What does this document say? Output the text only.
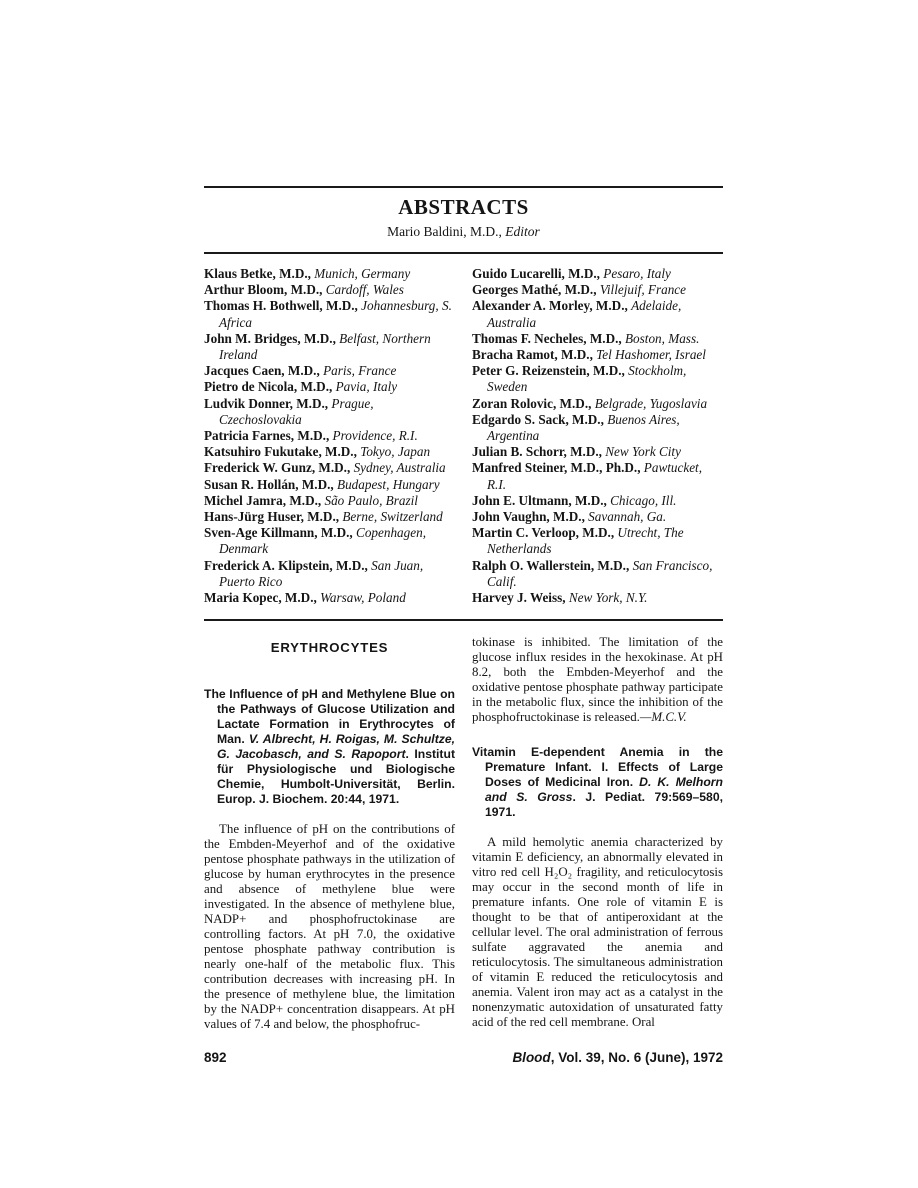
ABSTRACTS
Mario Baldini, M.D., Editor
Klaus Betke, M.D., Munich, Germany
Arthur Bloom, M.D., Cardoff, Wales
Thomas H. Bothwell, M.D., Johannesburg, S. Africa
John M. Bridges, M.D., Belfast, Northern Ireland
Jacques Caen, M.D., Paris, France
Pietro de Nicola, M.D., Pavia, Italy
Ludvik Donner, M.D., Prague, Czechoslovakia
Patricia Farnes, M.D., Providence, R.I.
Katsuhiro Fukutake, M.D., Tokyo, Japan
Frederick W. Gunz, M.D., Sydney, Australia
Susan R. Hollán, M.D., Budapest, Hungary
Michel Jamra, M.D., São Paulo, Brazil
Hans-Jürg Huser, M.D., Berne, Switzerland
Sven-Age Killmann, M.D., Copenhagen, Denmark
Frederick A. Klipstein, M.D., San Juan, Puerto Rico
Maria Kopec, M.D., Warsaw, Poland
Guido Lucarelli, M.D., Pesaro, Italy
Georges Mathé, M.D., Villejuif, France
Alexander A. Morley, M.D., Adelaide, Australia
Thomas F. Necheles, M.D., Boston, Mass.
Bracha Ramot, M.D., Tel Hashomer, Israel
Peter G. Reizenstein, M.D., Stockholm, Sweden
Zoran Rolovic, M.D., Belgrade, Yugoslavia
Edgardo S. Sack, M.D., Buenos Aires, Argentina
Julian B. Schorr, M.D., New York City
Manfred Steiner, M.D., Ph.D., Pawtucket, R.I.
John E. Ultmann, M.D., Chicago, Ill.
John Vaughn, M.D., Savannah, Ga.
Martin C. Verloop, M.D., Utrecht, The Netherlands
Ralph O. Wallerstein, M.D., San Francisco, Calif.
Harvey J. Weiss, New York, N.Y.
ERYTHROCYTES
The Influence of pH and Methylene Blue on the Pathways of Glucose Utilization and Lactate Formation in Erythrocytes of Man. V. Albrecht, H. Roigas, M. Schultze, G. Jacobasch, and S. Rapoport. Institut für Physiologische und Biologische Chemie, Humbolt-Universität, Berlin. Europ. J. Biochem. 20:44, 1971.

The influence of pH on the contributions of the Embden-Meyerhof and of the oxidative pentose phosphate pathways in the utilization of glucose by human erythrocytes in the presence and absence of methylene blue were investigated. In the absence of methylene blue, NADP+ and phosphofructokinase are controlling factors. At pH 7.0, the oxidative pentose phosphate pathway contribution is nearly one-half of the metabolic flux. This contribution decreases with increasing pH. In the presence of methylene blue, the limitation by the NADP+ concentration disappears. At pH values of 7.4 and below, the phosphofruc-

tokinase is inhibited. The limitation of the glucose influx resides in the hexokinase. At pH 8.2, both the Embden-Meyerhof and the oxidative pentose phosphate pathway participate in the metabolic flux, since the inhibition of the phosphofructokinase is released.—M.C.V.

Vitamin E-dependent Anemia in the Premature Infant. I. Effects of Large Doses of Medicinal Iron. D. K. Melhorn and S. Gross. J. Pediat. 79:569–580, 1971.

A mild hemolytic anemia characterized by vitamin E deficiency, an abnormally elevated in vitro red cell H₂O₂ fragility, and reticulocytosis may occur in the second month of life in premature infants. One role of vitamin E is thought to be that of antiperoxidant at the cellular level. The oral administration of ferrous sulfate aggravated the anemia and reticulocytosis. The simultaneous administration of vitamin E reduced the reticulocytosis and anemia. Valent iron may act as a catalyst in the nonenzymatic autoxidation of unsaturated fatty acid of the red cell membrane. Oral

892	Blood, Vol. 39, No. 6 (June), 1972
